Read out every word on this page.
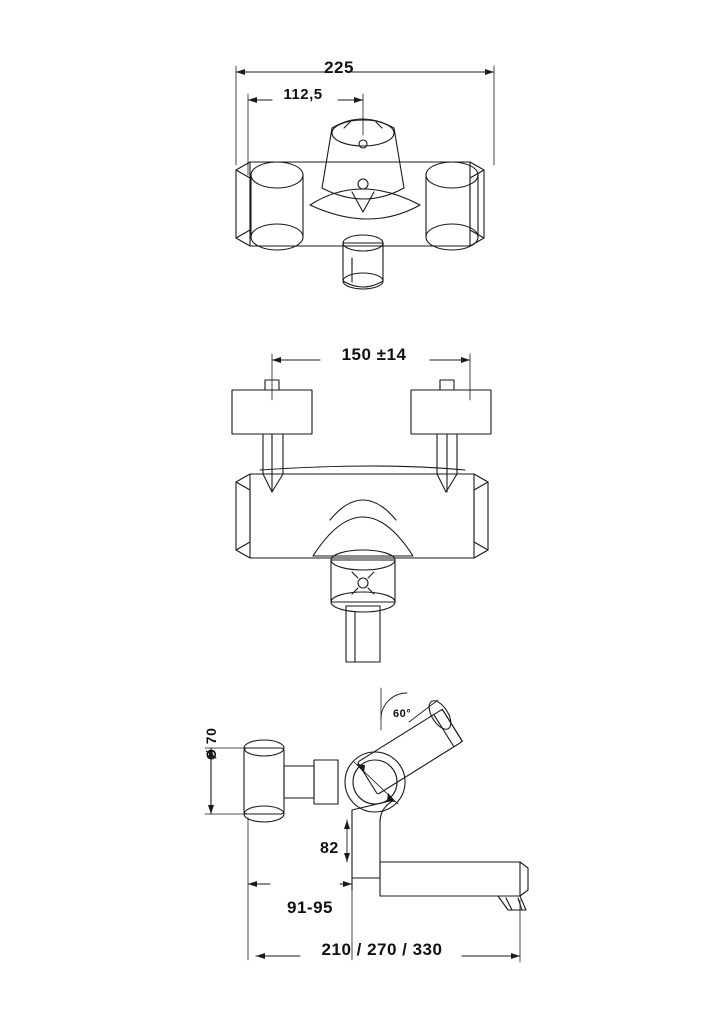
225
112,5
150 ±14
60°
Ø 70
82
91-95
210 / 270 / 330
